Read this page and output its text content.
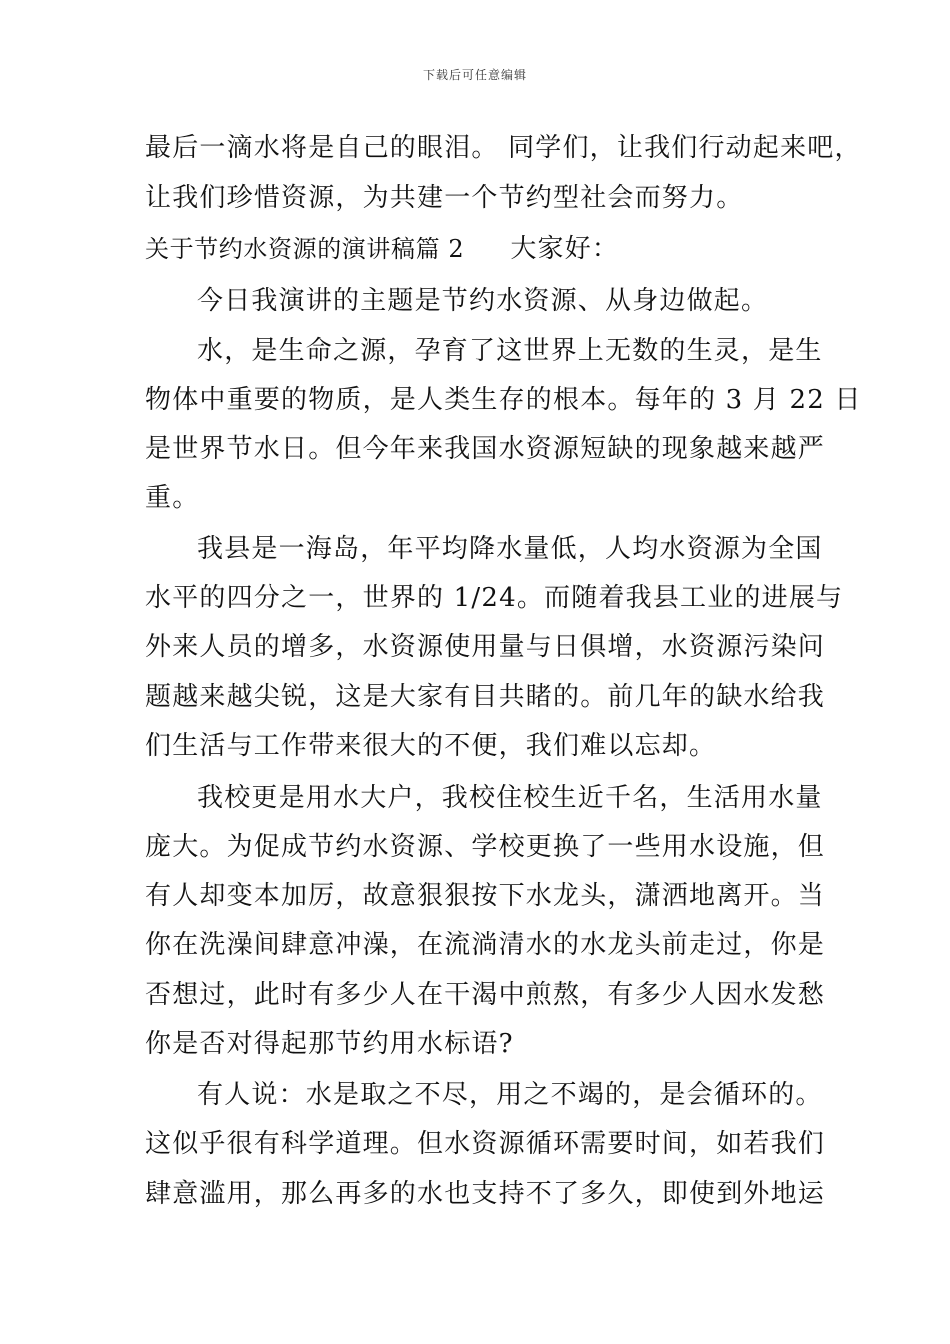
下载后可任意编辑
最后一滴水将是自己的眼泪。 同学们，让我们行动起来吧，
让我们珍惜资源，为共建一个节约型社会而努力。
关于节约水资源的演讲稿篇 2 大家好：
今日我演讲的主题是节约水资源、从身边做起。
水，是生命之源，孕育了这世界上无数的生灵，是生
物体中重要的物质，是人类生存的根本。每年的 3 月 22 日
是世界节水日。但今年来我国水资源短缺的现象越来越严
重。
我县是一海岛，年平均降水量低，人均水资源为全国
水平的四分之一，世界的 1/24。而随着我县工业的进展与
外来人员的增多，水资源使用量与日俱增，水资源污染问
题越来越尖锐，这是大家有目共睹的。前几年的缺水给我
们生活与工作带来很大的不便，我们难以忘却。
我校更是用水大户，我校住校生近千名，生活用水量
庞大。为促成节约水资源、学校更换了一些用水设施，但
有人却变本加厉，故意狠狠按下水龙头，潇洒地离开。当
你在洗澡间肆意冲澡，在流淌清水的水龙头前走过，你是
否想过，此时有多少人在干渴中煎熬，有多少人因水发愁
你是否对得起那节约用水标语?
有人说：水是取之不尽，用之不竭的，是会循环的。
这似乎很有科学道理。但水资源循环需要时间，如若我们
肆意滥用，那么再多的水也支持不了多久，即使到外地运
